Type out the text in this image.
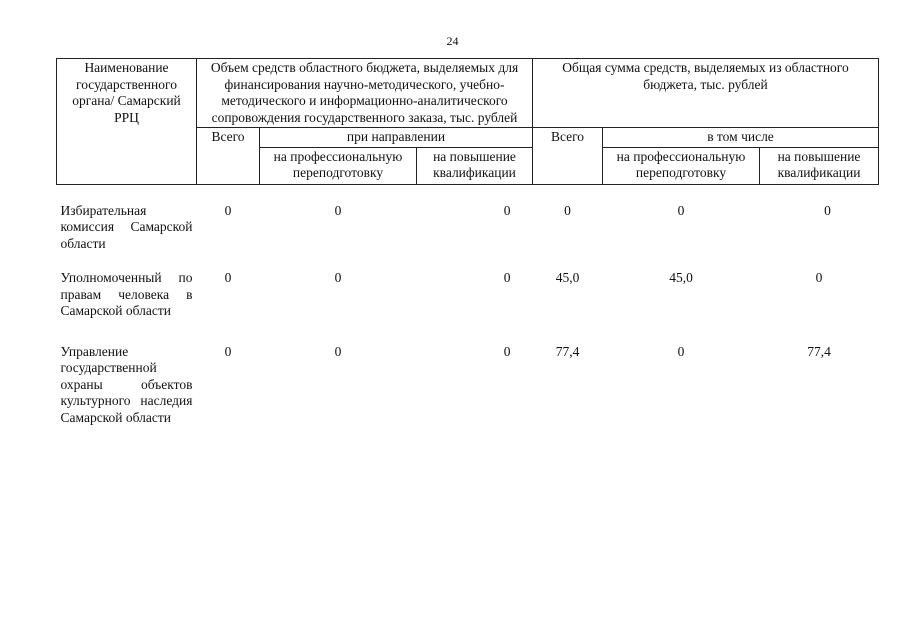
24
Наименование государственного органа/ Самарский РРЦ	Объем средств областного бюджета, выделяемых для финансирования научно-методического, учебно-методического и информационно-аналитического сопровождения государственного заказа, тыс. рублей			Общая сумма средств, выделяемых из областного бюджета, тыс. рублей		
	Всего	при направлении		Всего	в том числе	
		на профессиональную переподготовку	на повышение квалификации		на профессиональную переподготовку	на повышение квалификации

Избирательная комиссия Самарской области	0	0	0	0	0	0

Уполномоченный по правам человека в Самарской области	0	0	0	45,0	45,0	0

Управление государственной охраны объектов культурного наследия Самарской области	0	0	0	77,4	0	77,4
